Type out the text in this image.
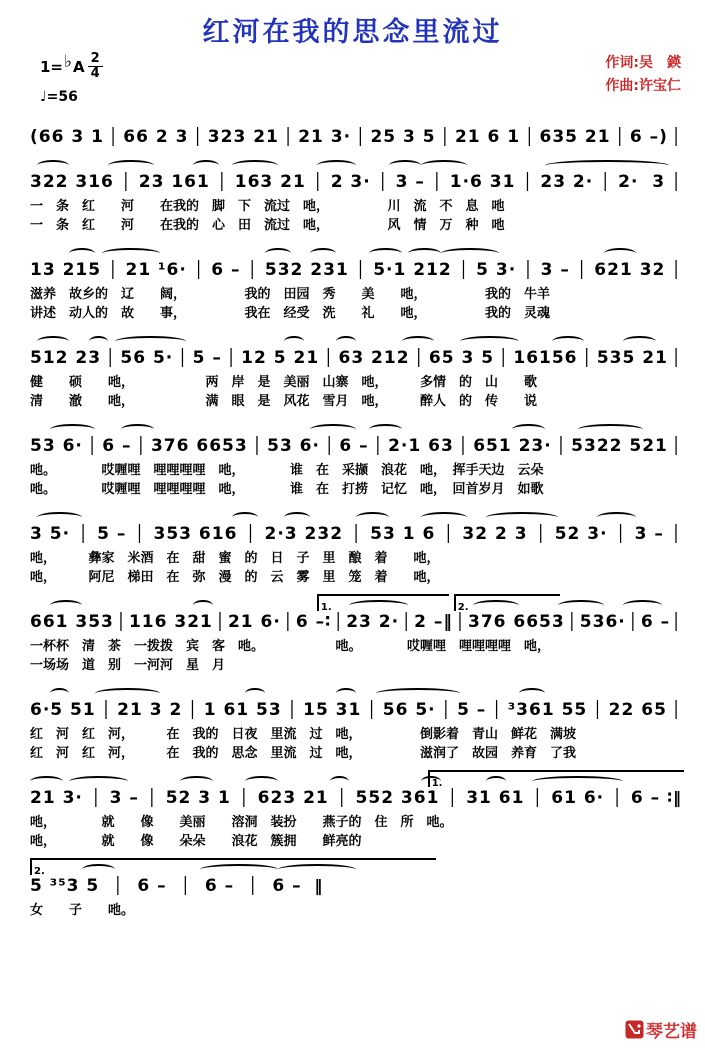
红河在我的思念里流过
1= ♭ A $\frac{2}{4}$
♩=56
作词:吴　鍈
作曲:许宝仁
(66 3 1 │ 66 2 3 │ 323 21 │ 21 3· │ 25 3 5 │ 21 6 1 │ 635 21 │ 6 –) │
322 316 │ 23 161 │ 163 21 │ 2 3· │ 3 – │ 1·6 31 │ 23 2· │ 2·  3 │
一　条　红　　河　　在我的　脚　下　流过　吔，　　　　　川　流　不　息　吔
一　条　红　　河　　在我的　心　田　流过　吔，　　　　　风　情　万　种　吔
13 215 │ 21 ¹6· │ 6 – │ 532 231 │ 5·1 212 │ 5 3· │ 3 – │ 621 32 │
滋养　故乡的　辽　　阔，　　　　　我的　田园　秀　　美　　吔，　　　　　我的　牛羊
讲述　动人的　故　　事，　　　　　我在　经受　洗　　礼　　吔，　　　　　我的　灵魂
512 23 │ 56 5· │ 5 – │ 12 5 21 │ 63 212 │ 65 3 5 │ 16156 │ 535 21 │
健　　硕　　吔，　　　　　　两　岸　是　美丽　山寨　吔，　　　多情　的　山　　歌
清　　澈　　吔，　　　　　　满　眼　是　风花　雪月　吔，　　　醉人　的　传　　说
53 6· │ 6 – │ 376 6653 │ 53 6· │ 6 – │ 2·1 63 │ 651 23· │ 5322 521 │
吔。　　　　哎喱哩　哩哩哩哩　吔，　　　　谁　在　采撷　浪花　吔，　挥手天边　云朵
吔。　　　　哎喱哩　哩哩哩哩　吔，　　　　谁　在　打捞　记忆　吔，　回首岁月　如歌
3 5· │ 5 – │ 353 616 │ 2·3 232 │ 53 1 6 │ 32 2 3 │ 52 3· │ 3 – │
吔，　　　彝家　米酒　在　甜　蜜　的　日　子　里　酿　着　　吔，
吔，　　　阿尼　梯田　在　弥　漫　的　云　雾　里　笼　着　　吔，
1.	2.
661 353 │ 116 321 │ 21 6· │ 6 –∶ │ 23 2· │ 2 –‖ │ 376 6653 │ 536· │ 6 – │
一杯杯　清　茶　一拨拨　宾　客　吔。　　　　　　吔。　　　　哎喱哩　哩哩哩哩　吔，
一场场　道　别　一河河　星　月
6·5 51 │ 21 3 2 │ 1 61 53 │ 15 31 │ 56 5· │ 5 – │ ³361 55 │ 22 65 │
红　河　红　河，　　　在　我的　日夜　里流　过　吔，　　　　　倒影着　青山　鲜花　满坡
红　河　红　河，　　　在　我的　思念　里流　过　吔，　　　　　滋润了　故园　养育　了我
1.
21 3· │ 3 – │ 52 3 1 │ 623 21 │ 552 361 │ 31 61 │ 61 6· │ 6 – ∶‖
吔，　　　　就　　像　　美丽　　溶洞　装扮　　燕子的　住　所　吔。
吔，　　　　就　　像　　朵朵　　浪花　簇拥　　鲜亮的
2.
5 ³⁵3 5 │ 6 – │ 6 – │ 6 – ‖
女　　子　　吔。
琴艺谱
